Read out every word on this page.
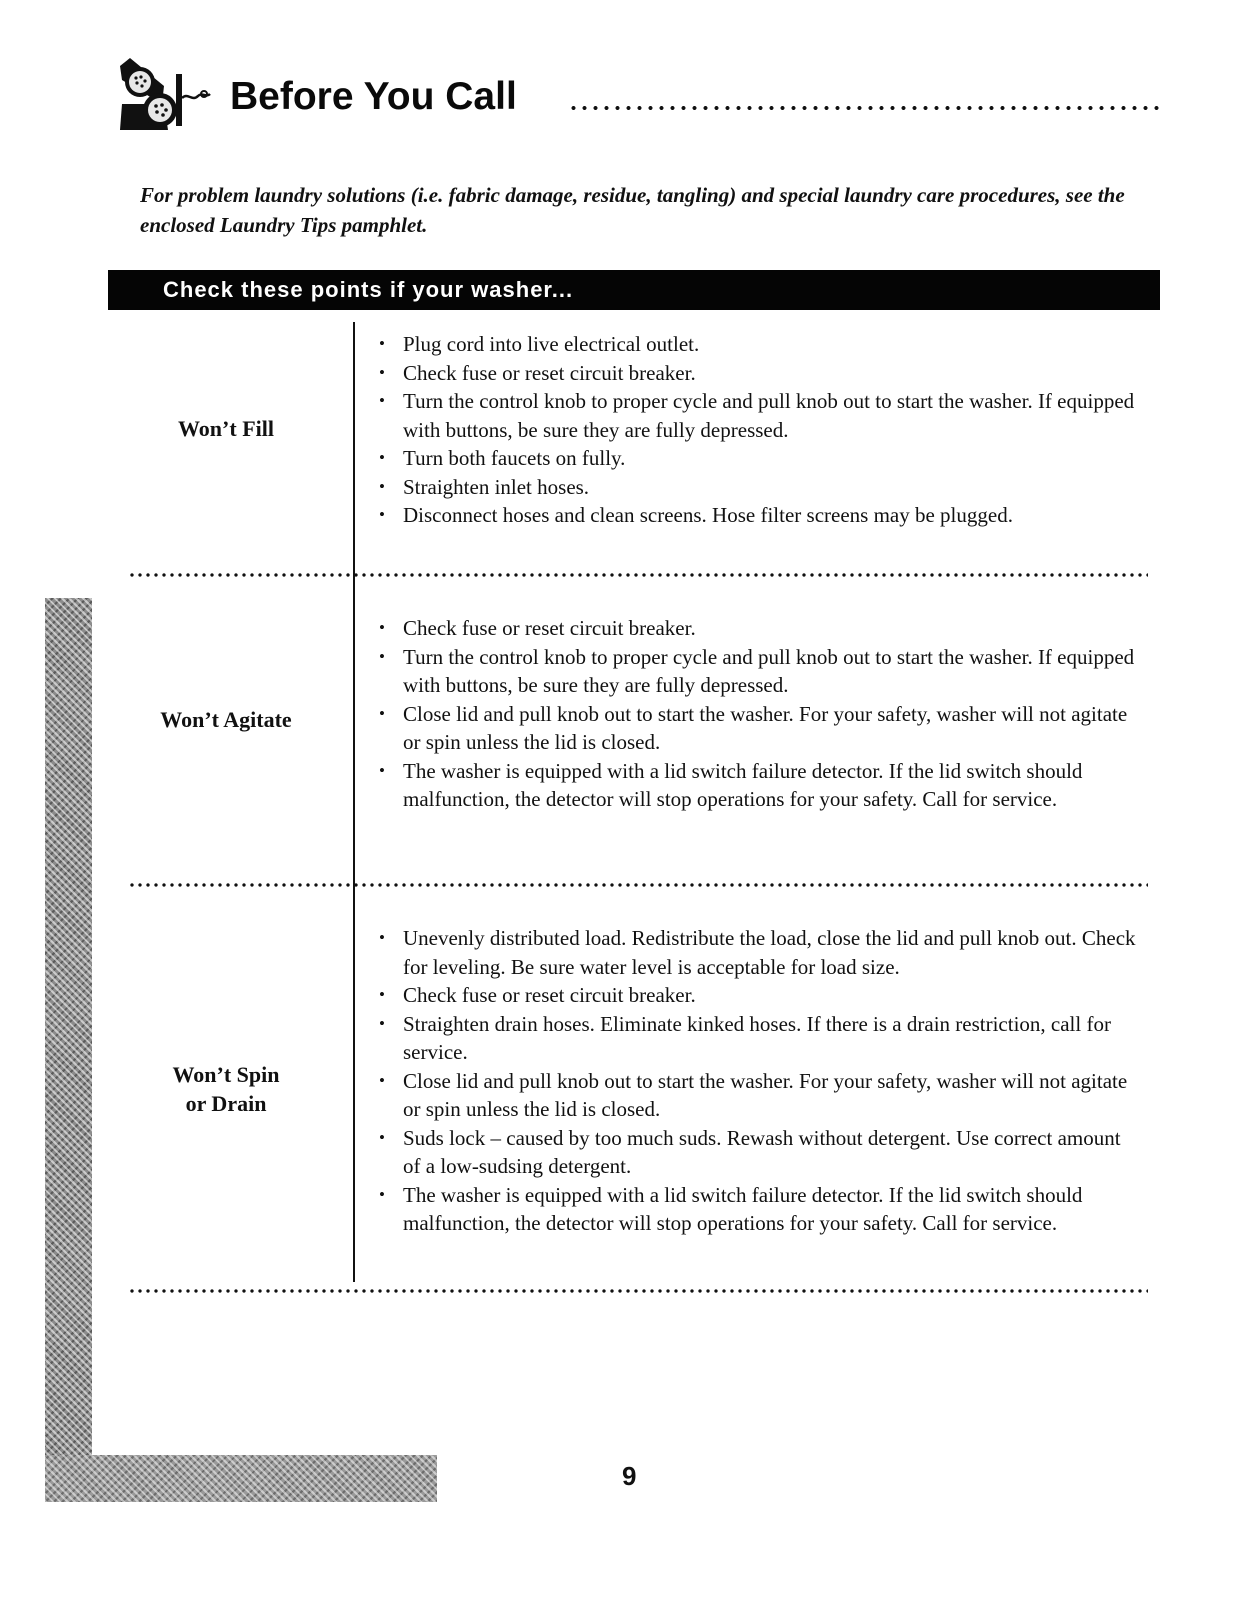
Before You Call

For problem laundry solutions (i.e. fabric damage, residue, tangling) and special laundry care procedures, see the enclosed Laundry Tips pamphlet.

Check these points if your washer...
Won’t Fill
• Plug cord into live electrical outlet.
• Check fuse or reset circuit breaker.
• Turn the control knob to proper cycle and pull knob out to start the washer. If equipped with buttons, be sure they are fully depressed.
• Turn both faucets on fully.
• Straighten inlet hoses.
• Disconnect hoses and clean screens. Hose filter screens may be plugged.
Won’t Agitate
• Check fuse or reset circuit breaker.
• Turn the control knob to proper cycle and pull knob out to start the washer. If equipped with buttons, be sure they are fully depressed.
• Close lid and pull knob out to start the washer. For your safety, washer will not agitate or spin unless the lid is closed.
• The washer is equipped with a lid switch failure detector. If the lid switch should malfunction, the detector will stop operations for your safety. Call for service.
Won’t Spin
or Drain
• Unevenly distributed load. Redistribute the load, close the lid and pull knob out. Check for leveling. Be sure water level is acceptable for load size.
• Check fuse or reset circuit breaker.
• Straighten drain hoses. Eliminate kinked hoses. If there is a drain restriction, call for service.
• Close lid and pull knob out to start the washer. For your safety, washer will not agitate or spin unless the lid is closed.
• Suds lock – caused by too much suds. Rewash without detergent. Use correct amount of a low-sudsing detergent.
• The washer is equipped with a lid switch failure detector. If the lid switch should malfunction, the detector will stop operations for your safety. Call for service.
9
